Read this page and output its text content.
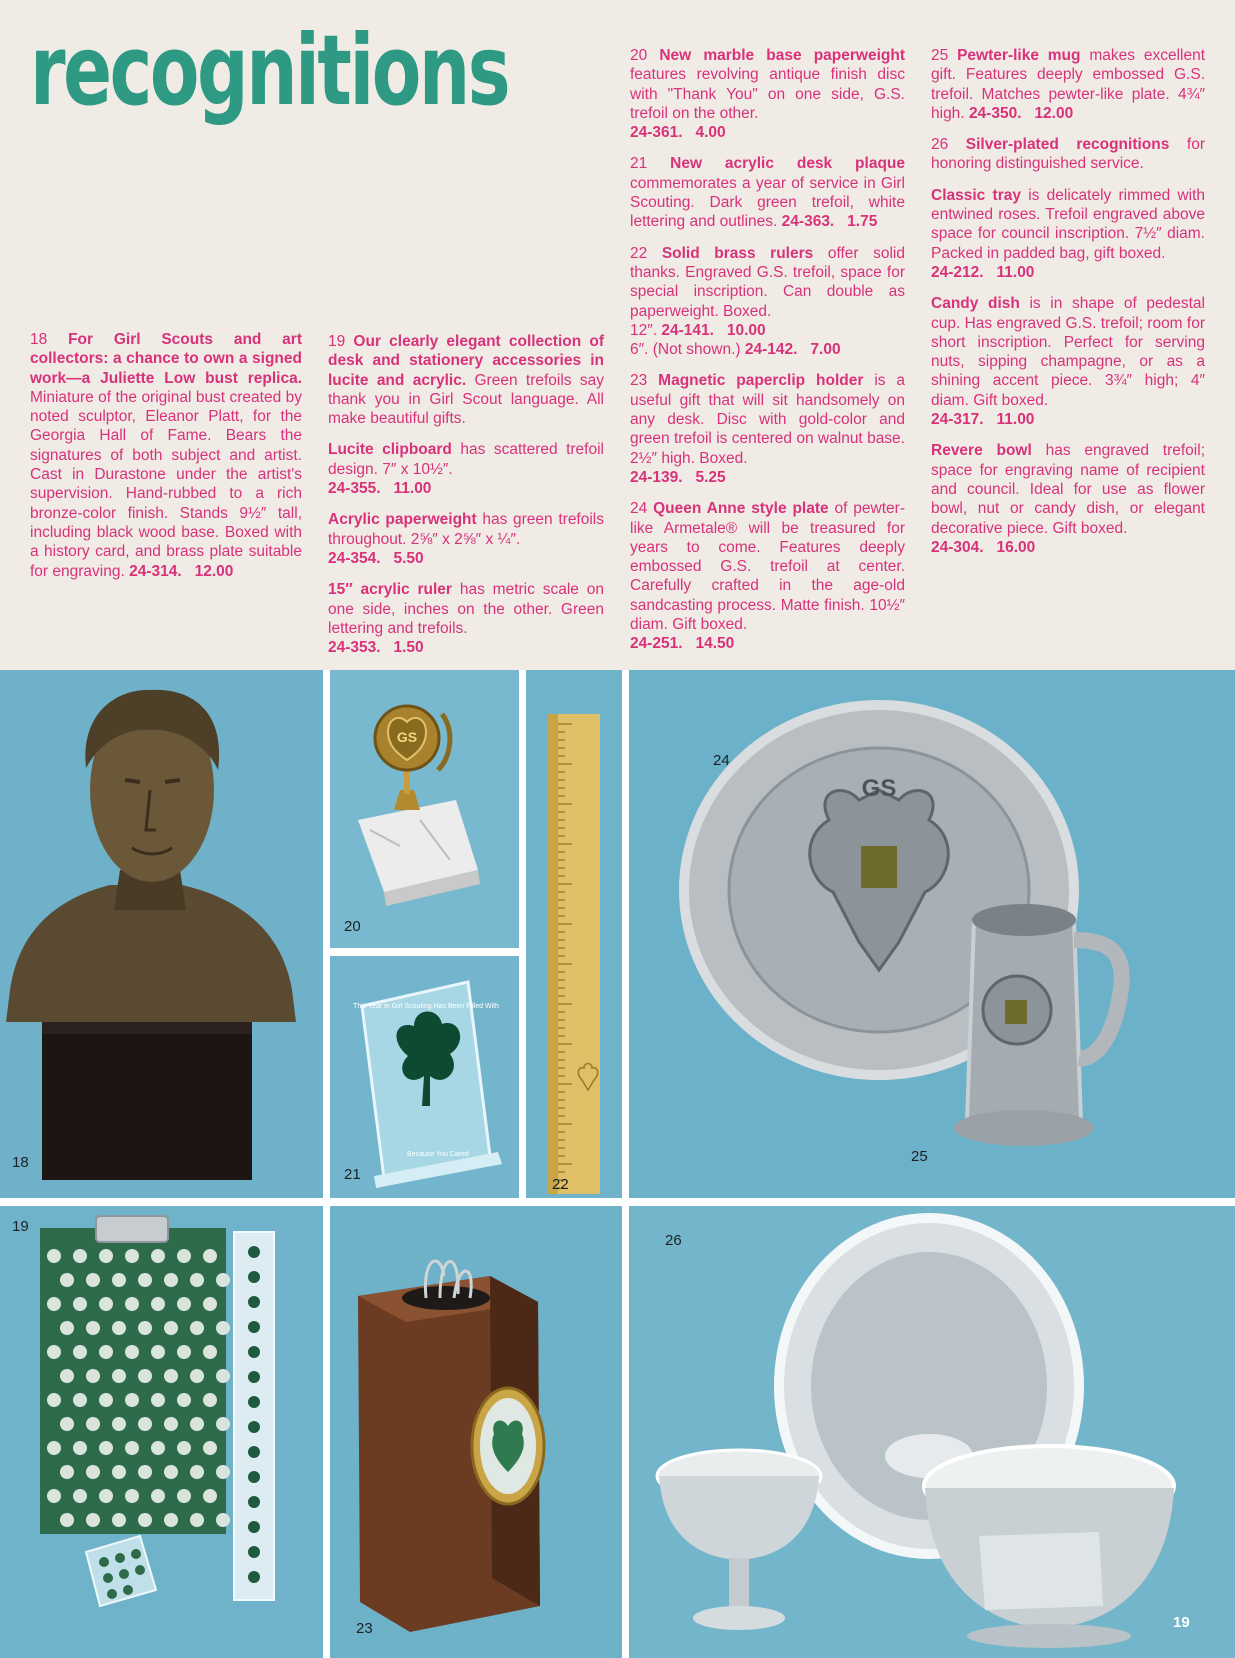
recognitions

18 For Girl Scouts and art collectors: a chance to own a signed work—a Juliette Low bust replica. Miniature of the original bust created by noted sculptor, Eleanor Platt, for the Georgia Hall of Fame. Bears the signatures of both subject and artist. Cast in Durastone under the artist's supervision. Hand-rubbed to a rich bronze-color finish. Stands 9½″ tall, including black wood base. Boxed with a history card, and brass plate suitable for engraving. 24-314. 12.00

19 Our clearly elegant collection of desk and stationery accessories in lucite and acrylic. Green trefoils say thank you in Girl Scout language. All make beautiful gifts.

Lucite clipboard has scattered trefoil design. 7″ x 10½″.
24-355. 11.00

Acrylic paperweight has green trefoils throughout. 2⅝″ x 2⅝″ x ¼″.
24-354. 5.50

15″ acrylic ruler has metric scale on one side, inches on the other. Green lettering and trefoils.
24-353. 1.50

20 New marble base paperweight features revolving antique finish disc with "Thank You" on one side, G.S. trefoil on the other.
24-361. 4.00

21 New acrylic desk plaque commemorates a year of service in Girl Scouting. Dark green trefoil, white lettering and outlines. 24-363. 1.75

22 Solid brass rulers offer solid thanks. Engraved G.S. trefoil, space for special inscription. Can double as paperweight. Boxed.
12″. 24-141. 10.00
6″. (Not shown.) 24-142. 7.00

23 Magnetic paperclip holder is a useful gift that will sit handsomely on any desk. Disc with gold-color and green trefoil is centered on walnut base. 2½″ high. Boxed.
24-139. 5.25

24 Queen Anne style plate of pewter-like Armetale® will be treasured for years to come. Features deeply embossed G.S. trefoil at center. Carefully crafted in the age-old sandcasting process. Matte finish. 10½″ diam. Gift boxed.
24-251. 14.50

25 Pewter-like mug makes excellent gift. Features deeply embossed G.S. trefoil. Matches pewter-like plate. 4¾″ high. 24-350. 12.00

26 Silver-plated recognitions for honoring distinguished service.

Classic tray is delicately rimmed with entwined roses. Trefoil engraved above space for council inscription. 7½″ diam. Packed in padded bag, gift boxed.
24-212. 11.00

Candy dish is in shape of pedestal cup. Has engraved G.S. trefoil; room for short inscription. Perfect for serving nuts, sipping champagne, or as a shining accent piece. 3¾″ high; 4″ diam. Gift boxed.
24-317. 11.00

Revere bowl has engraved trefoil; space for engraving name of recipient and council. Ideal for use as flower bowl, nut or candy dish, or elegant decorative piece. Gift boxed.
24-304. 16.00

18
GS
20
This Year in Girl Scouting Has Been Filled With
Because You Cared
21
22
GS
24
25
19
23
26
19
